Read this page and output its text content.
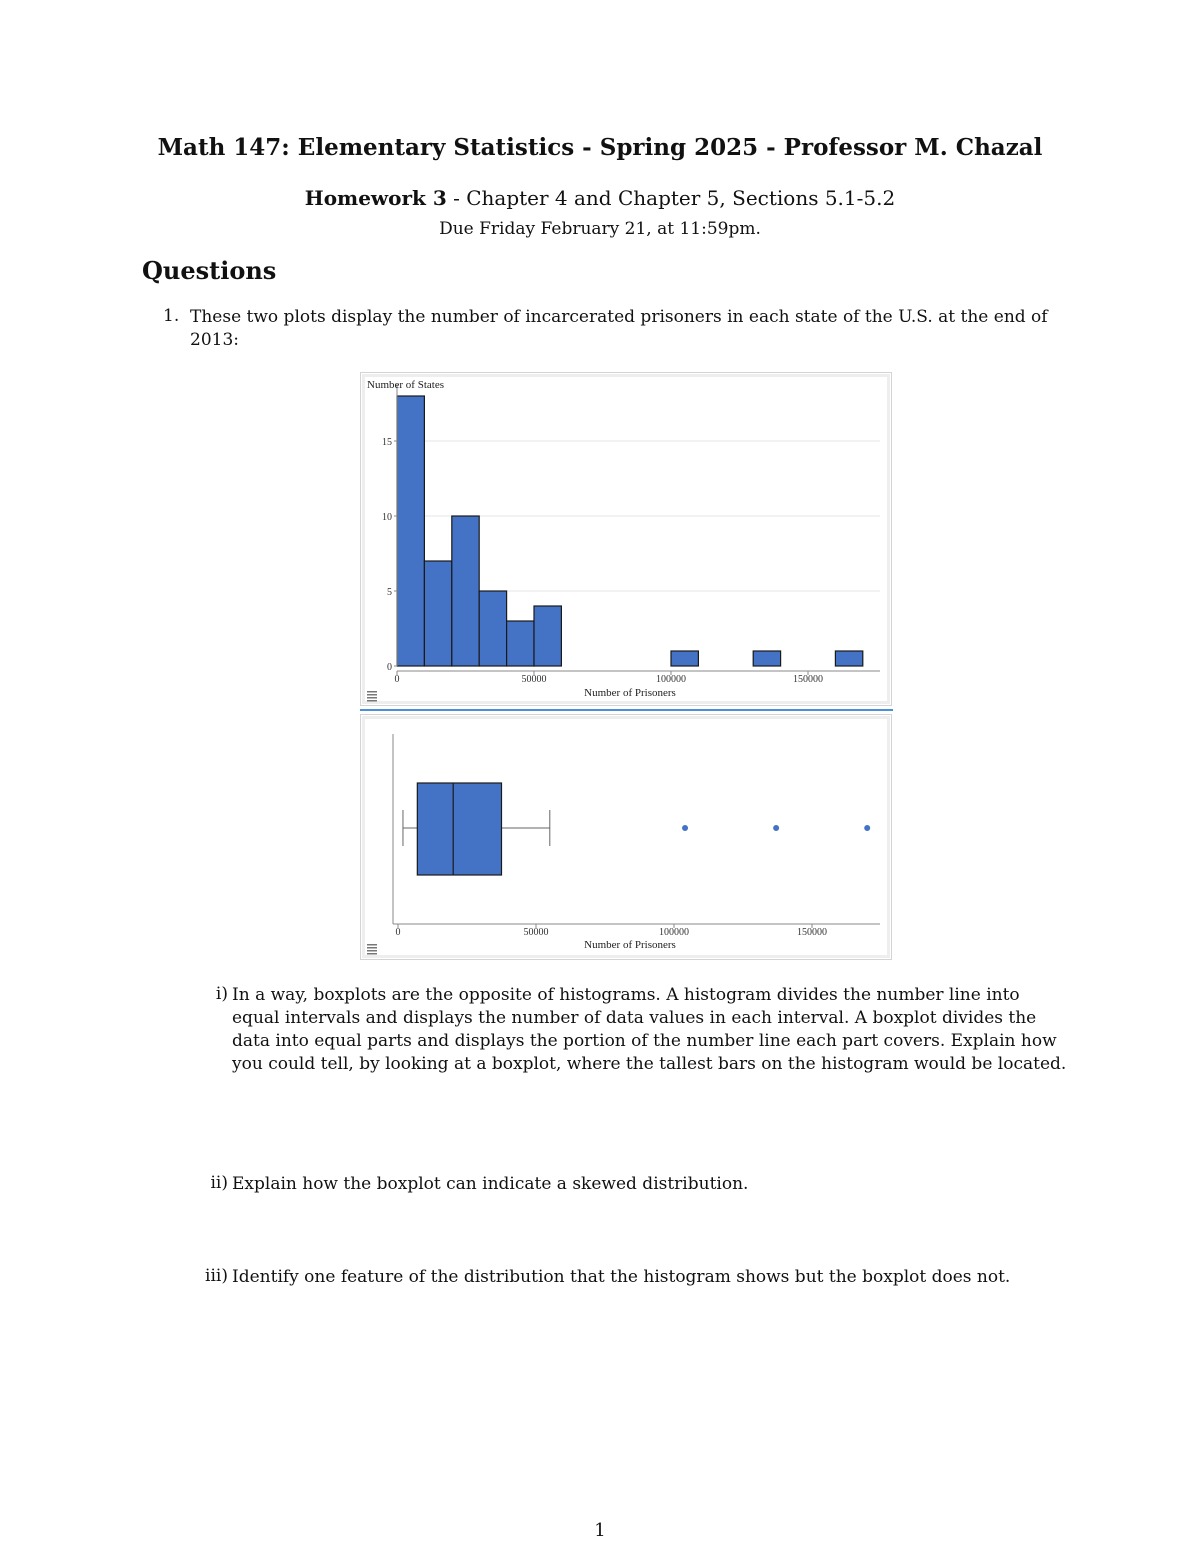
Math 147: Elementary Statistics - Spring 2025 - Professor M. Chazal
Homework 3 - Chapter 4 and Chapter 5, Sections 5.1-5.2
Due Friday February 21, at 11:59pm.
Questions
1. These two plots display the number of incarcerated prisoners in each state of the U.S. at the end of 2013:
0
5
10
15
0	50000	100000	150000
Number of States
Number of Prisoners
0	50000	100000	150000
Number of Prisoners
i) In a way, boxplots are the opposite of histograms. A histogram divides the number line into equal intervals and displays the number of data values in each interval. A boxplot divides the data into equal parts and displays the portion of the number line each part covers. Explain how you could tell, by looking at a boxplot, where the tallest bars on the histogram would be located.
ii) Explain how the boxplot can indicate a skewed distribution.
iii) Identify one feature of the distribution that the histogram shows but the boxplot does not.
1
